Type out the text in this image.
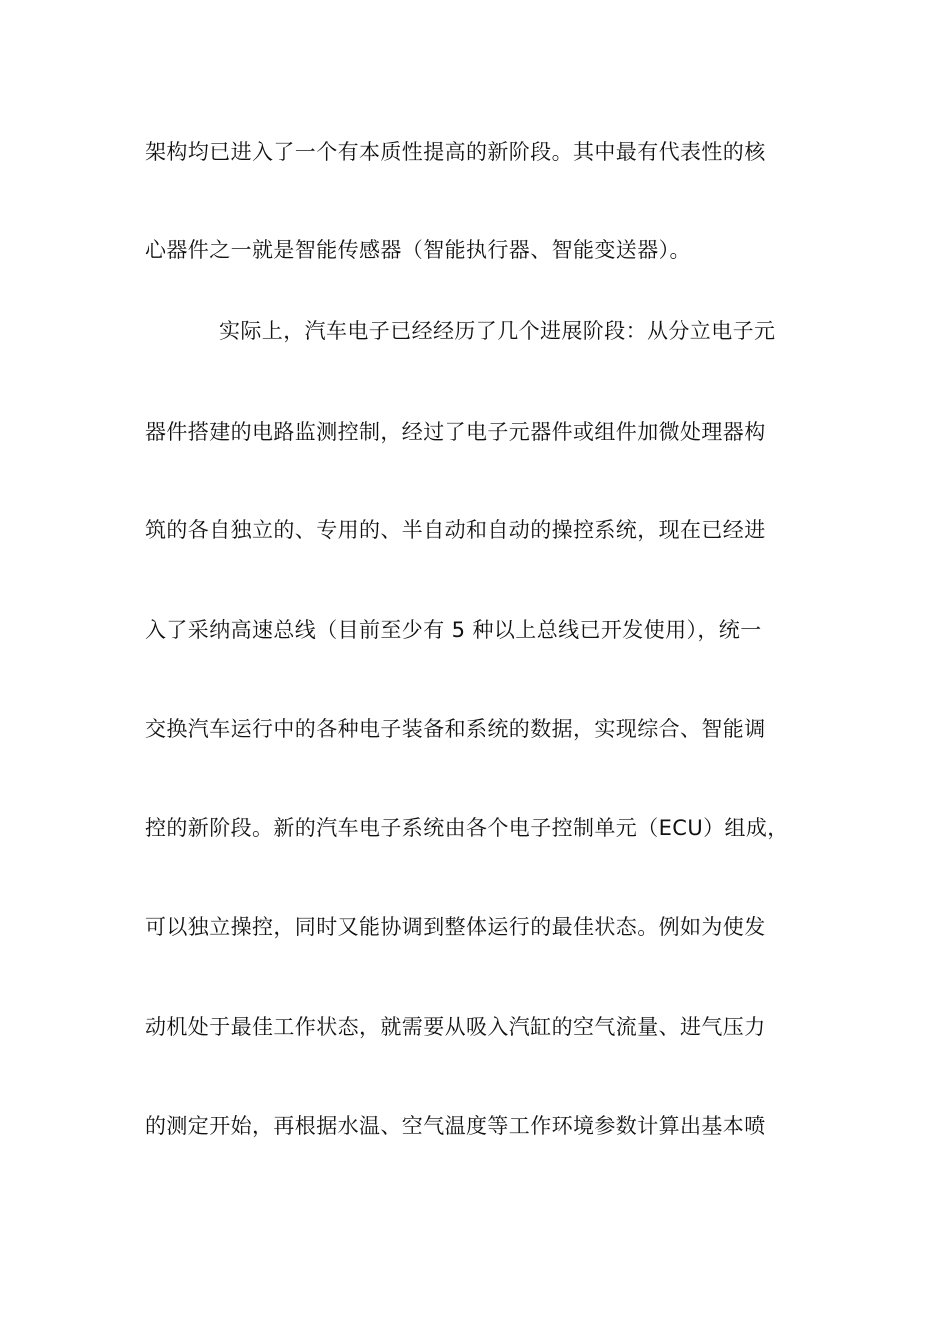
架构均已进入了一个有本质性提高的新阶段。其中最有代表性的核
心器件之一就是智能传感器（智能执行器、智能变送器）。
实际上，汽车电子已经经历了几个进展阶段：从分立电子元
器件搭建的电路监测控制，经过了电子元器件或组件加微处理器构
筑的各自独立的、专用的、半自动和自动的操控系统，现在已经进
入了采纳高速总线（目前至少有 5 种以上总线已开发使用），统一
交换汽车运行中的各种电子装备和系统的数据，实现综合、智能调
控的新阶段。新的汽车电子系统由各个电子控制单元（ECU）组成，
可以独立操控，同时又能协调到整体运行的最佳状态。例如为使发
动机处于最佳工作状态，就需要从吸入汽缸的空气流量、进气压力
的测定开始，再根据水温、空气温度等工作环境参数计算出基本喷
